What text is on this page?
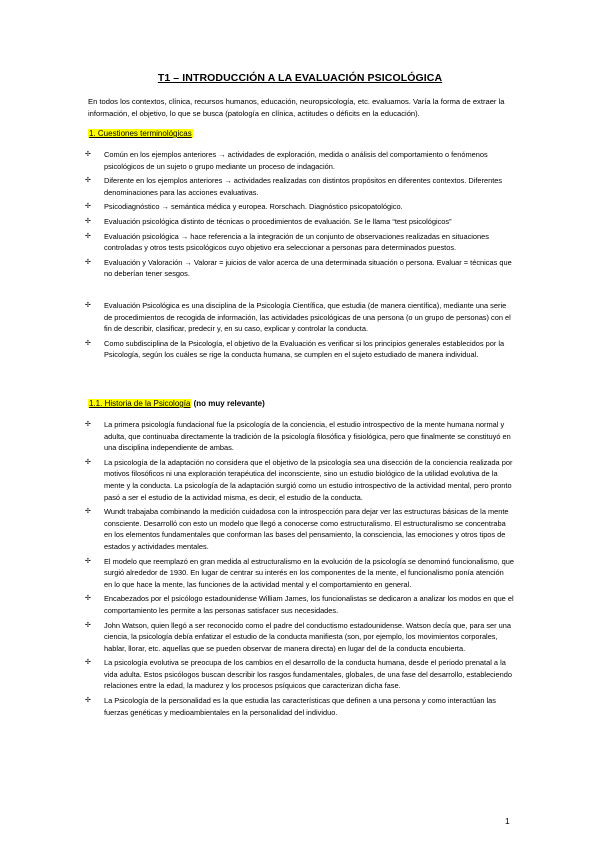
T1 – INTRODUCCIÓN A LA EVALUACIÓN PSICOLÓGICA
En todos los contextos, clínica, recursos humanos, educación, neuropsicología, etc. evaluamos. Varía la forma de extraer la información, el objetivo, lo que se busca (patología en clínica, actitudes o déficits en la educación).
1. Cuestiones terminológicas
✢ Común en los ejemplos anteriores → actividades de exploración, medida o análisis del comportamiento o fenómenos psicológicos de un sujeto o grupo mediante un proceso de indagación.
✢ Diferente en los ejemplos anteriores → actividades realizadas con distintos propósitos en diferentes contextos. Diferentes denominaciones para las acciones evaluativas.
✢ Psicodiagnóstico → semántica médica y europea. Rorschach. Diagnóstico psicopatológico.
✢ Evaluación psicológica distinto de técnicas o procedimientos de evaluación. Se le llama “test psicológicos”
✢ Evaluación psicológica → hace referencia a la integración de un conjunto de observaciones realizadas en situaciones controladas y otros tests psicológicos cuyo objetivo era seleccionar a personas para determinados puestos.
✢ Evaluación y Valoración → Valorar = juicios de valor acerca de una determinada situación o persona. Evaluar = técnicas que no deberían tener sesgos.
✢ Evaluación Psicológica es una disciplina de la Psicología Científica, que estudia (de manera científica), mediante una serie de procedimientos de recogida de información, las actividades psicológicas de una persona (o un grupo de personas) con el fin de describir, clasificar, predecir y, en su caso, explicar y controlar la conducta.
✢ Como subdisciplina de la Psicología, el objetivo de la Evaluación es verificar si los principios generales establecidos por la Psicología, según los cuáles se rige la conducta humana, se cumplen en el sujeto estudiado de manera individual.
1.1. Historia de la Psicología (no muy relevante)
✢ La primera psicología fundacional fue la psicología de la conciencia, el estudio introspectivo de la mente humana normal y adulta, que continuaba directamente la tradición de la psicología filosófica y fisiológica, pero que finalmente se constituyó en una disciplina independiente de ambas.
✢ La psicología de la adaptación no considera que el objetivo de la psicología sea una disección de la conciencia realizada por motivos filosóficos ni una exploración terapéutica del inconsciente, sino un estudio biológico de la utilidad evolutiva de la mente y la conducta. La psicología de la adaptación surgió como un estudio introspectivo de la actividad mental, pero pronto pasó a ser el estudio de la actividad misma, es decir, el estudio de la conducta.
✢ Wundt trabajaba combinando la medición cuidadosa con la introspección para dejar ver las estructuras básicas de la mente consciente. Desarrolló con esto un modelo que llegó a conocerse como estructuralismo. El estructuralismo se concentraba en los elementos fundamentales que conforman las bases del pensamiento, la consciencia, las emociones y otros tipos de estados y actividades mentales.
✢ El modelo que reemplazó en gran medida al estructuralismo en la evolución de la psicología se denominó funcionalismo, que surgió alrededor de 1930. En lugar de centrar su interés en los componentes de la mente, el funcionalismo ponía atención en lo que hace la mente, las funciones de la actividad mental y el comportamiento en general.
✢ Encabezados por el psicólogo estadounidense William James, los funcionalistas se dedicaron a analizar los modos en que el comportamiento les permite a las personas satisfacer sus necesidades.
✢ John Watson, quien llegó a ser reconocido como el padre del conductismo estadounidense. Watson decía que, para ser una ciencia, la psicología debía enfatizar el estudio de la conducta manifiesta (son, por ejemplo, los movimientos corporales, hablar, llorar, etc. aquellas que se pueden observar de manera directa) en lugar del de la conducta encubierta.
✢ La psicología evolutiva se preocupa de los cambios en el desarrollo de la conducta humana, desde el periodo prenatal a la vida adulta. Estos psicólogos buscan describir los rasgos fundamentales, globales, de una fase del desarrollo, estableciendo relaciones entre la edad, la madurez y los procesos psíquicos que caracterizan dicha fase.
✢ La Psicología de la personalidad es la que estudia las características que definen a una persona y como interactúan las fuerzas genéticas y medioambientales en la personalidad del individuo.
1
